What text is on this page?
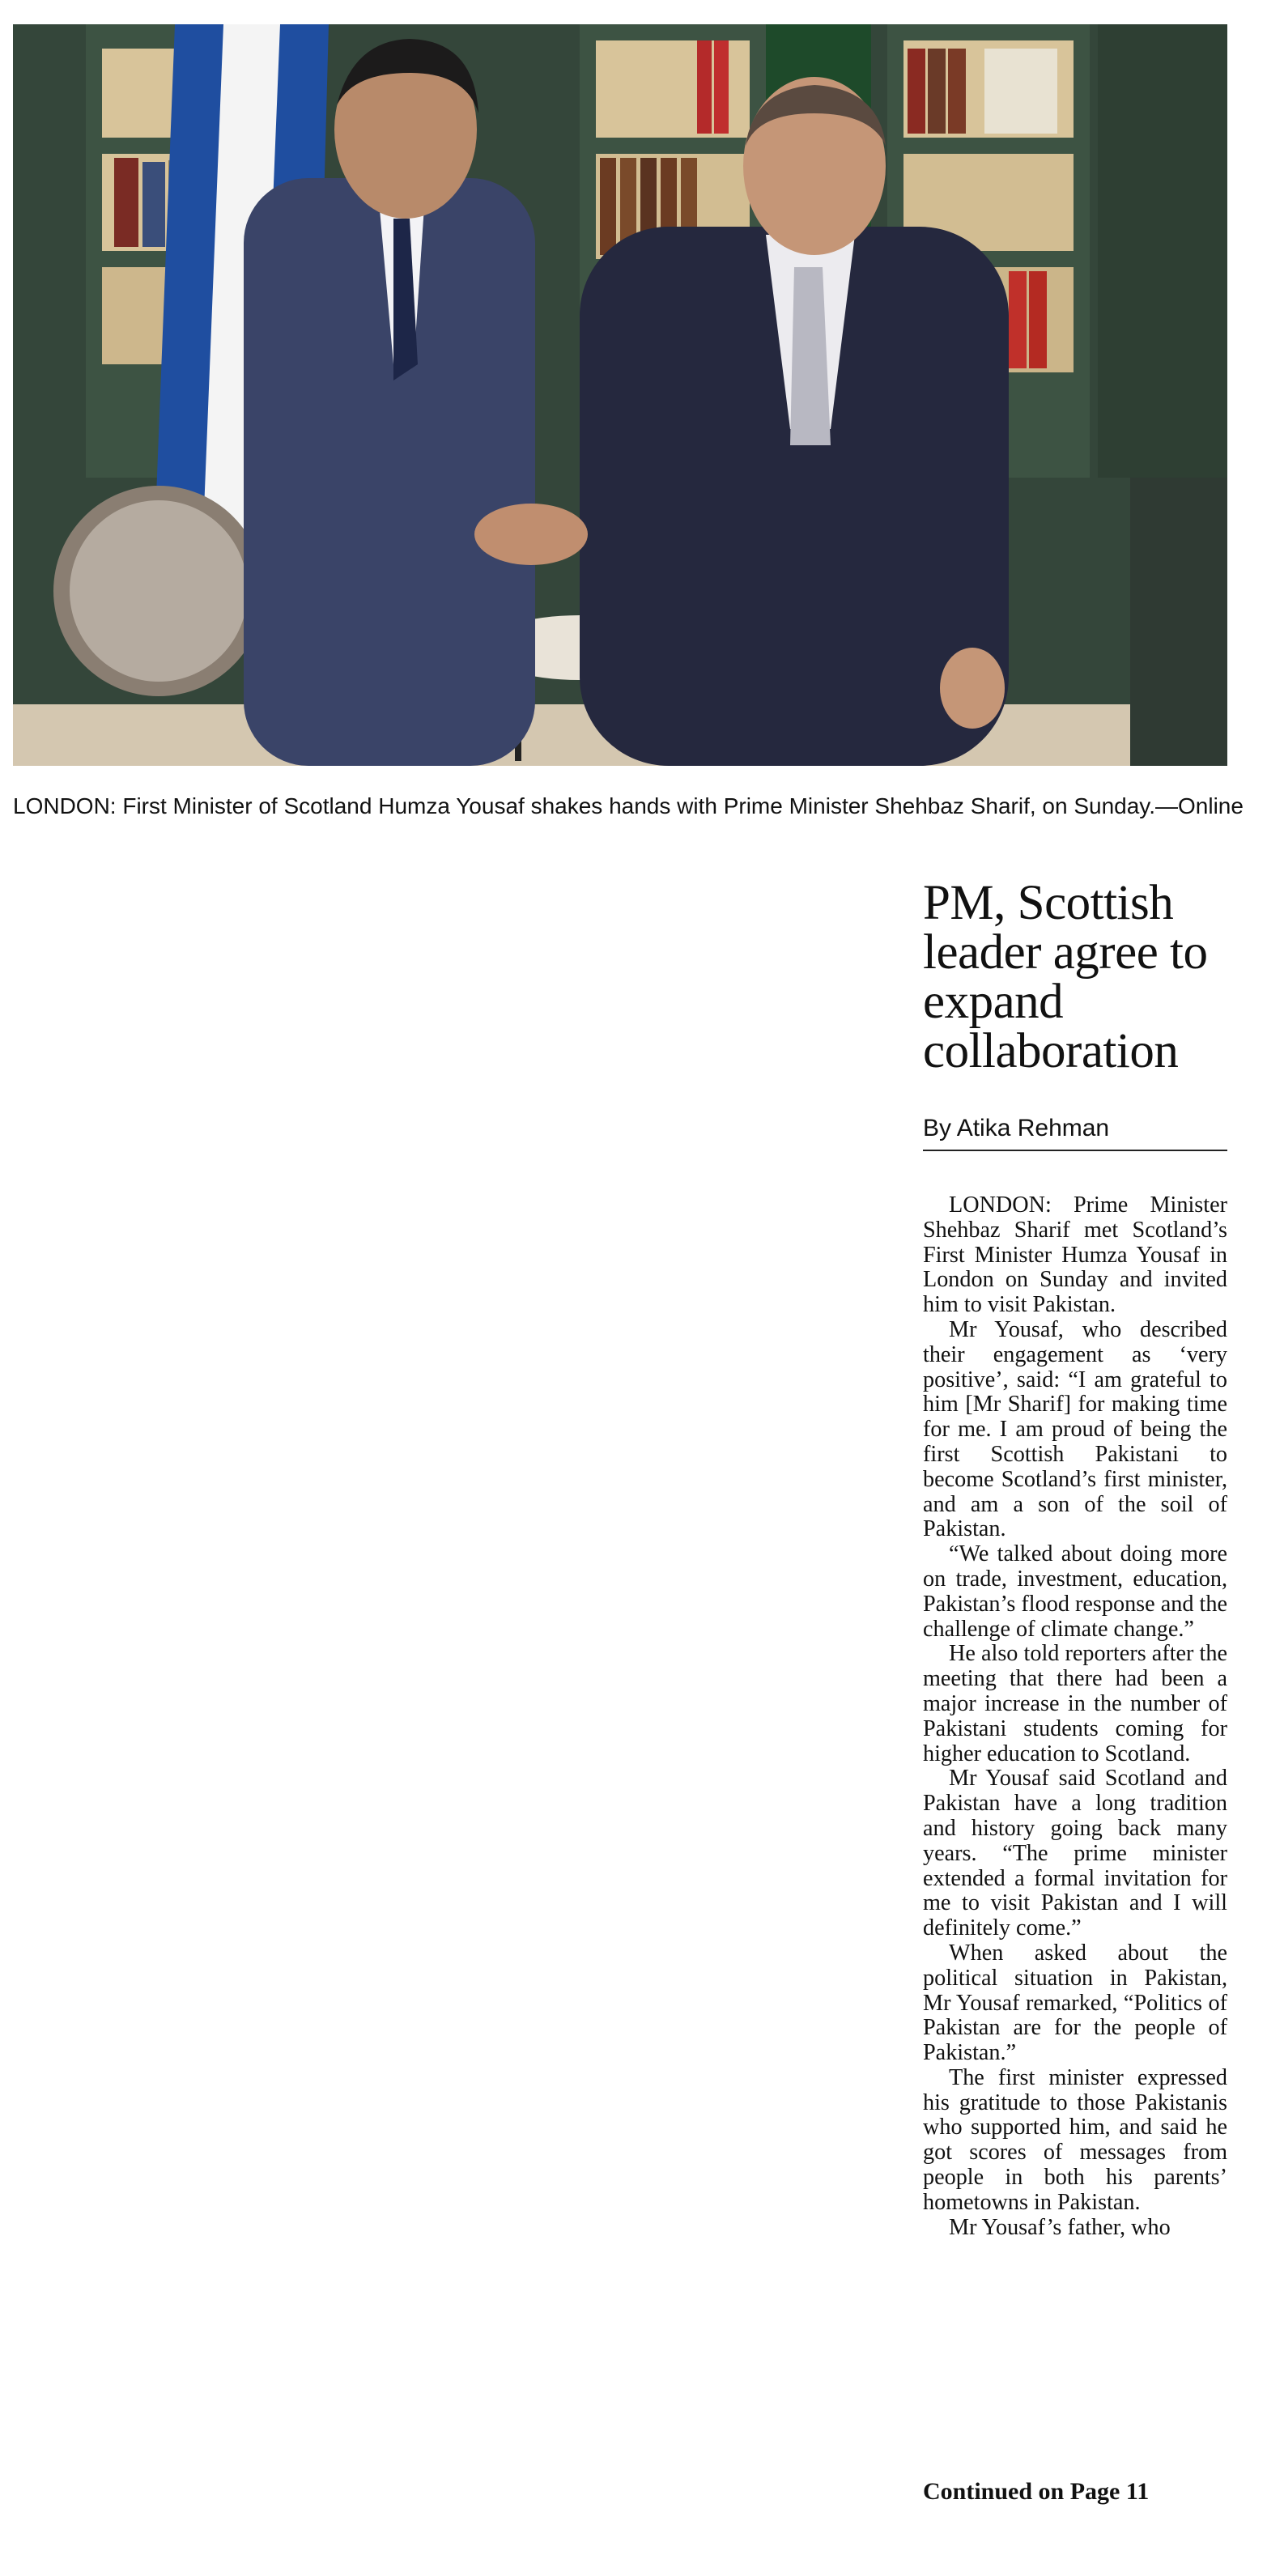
LONDON: First Minister of Scotland Humza Yousaf shakes hands with Prime Minister Shehbaz Sharif, on Sunday.—Online
PM, Scottish leader agree to expand collaboration
By Atika Rehman

LONDON: Prime Minister Shehbaz Sharif met Scotland’s First Minister Humza Yousaf in London on Sunday and invited him to visit Pakistan.

Mr Yousaf, who described their engagement as ‘very positive’, said: “I am grateful to him [Mr Sharif] for making time for me. I am proud of being the first Scottish Pakistani to become Scotland’s first minister, and am a son of the soil of Pakistan.

“We talked about doing more on trade, investment, education, Pakistan’s flood response and the challenge of climate change.”

He also told reporters after the meeting that there had been a major increase in the number of Pakistani students coming for higher education to Scotland.

Mr Yousaf said Scotland and Pakistan have a long tradition and history going back many years. “The prime minister extended a formal invitation for me to visit Pakistan and I will definitely come.”

When asked about the political situation in Pakistan, Mr Yousaf remarked, “Politics of Pakistan are for the people of Pakistan.”

The first minister expressed his gratitude to those Pakistanis who supported him, and said he got scores of messages from people in both his parents’ hometowns in Pakistan.

Mr Yousaf’s father, who

Continued on Page 11
